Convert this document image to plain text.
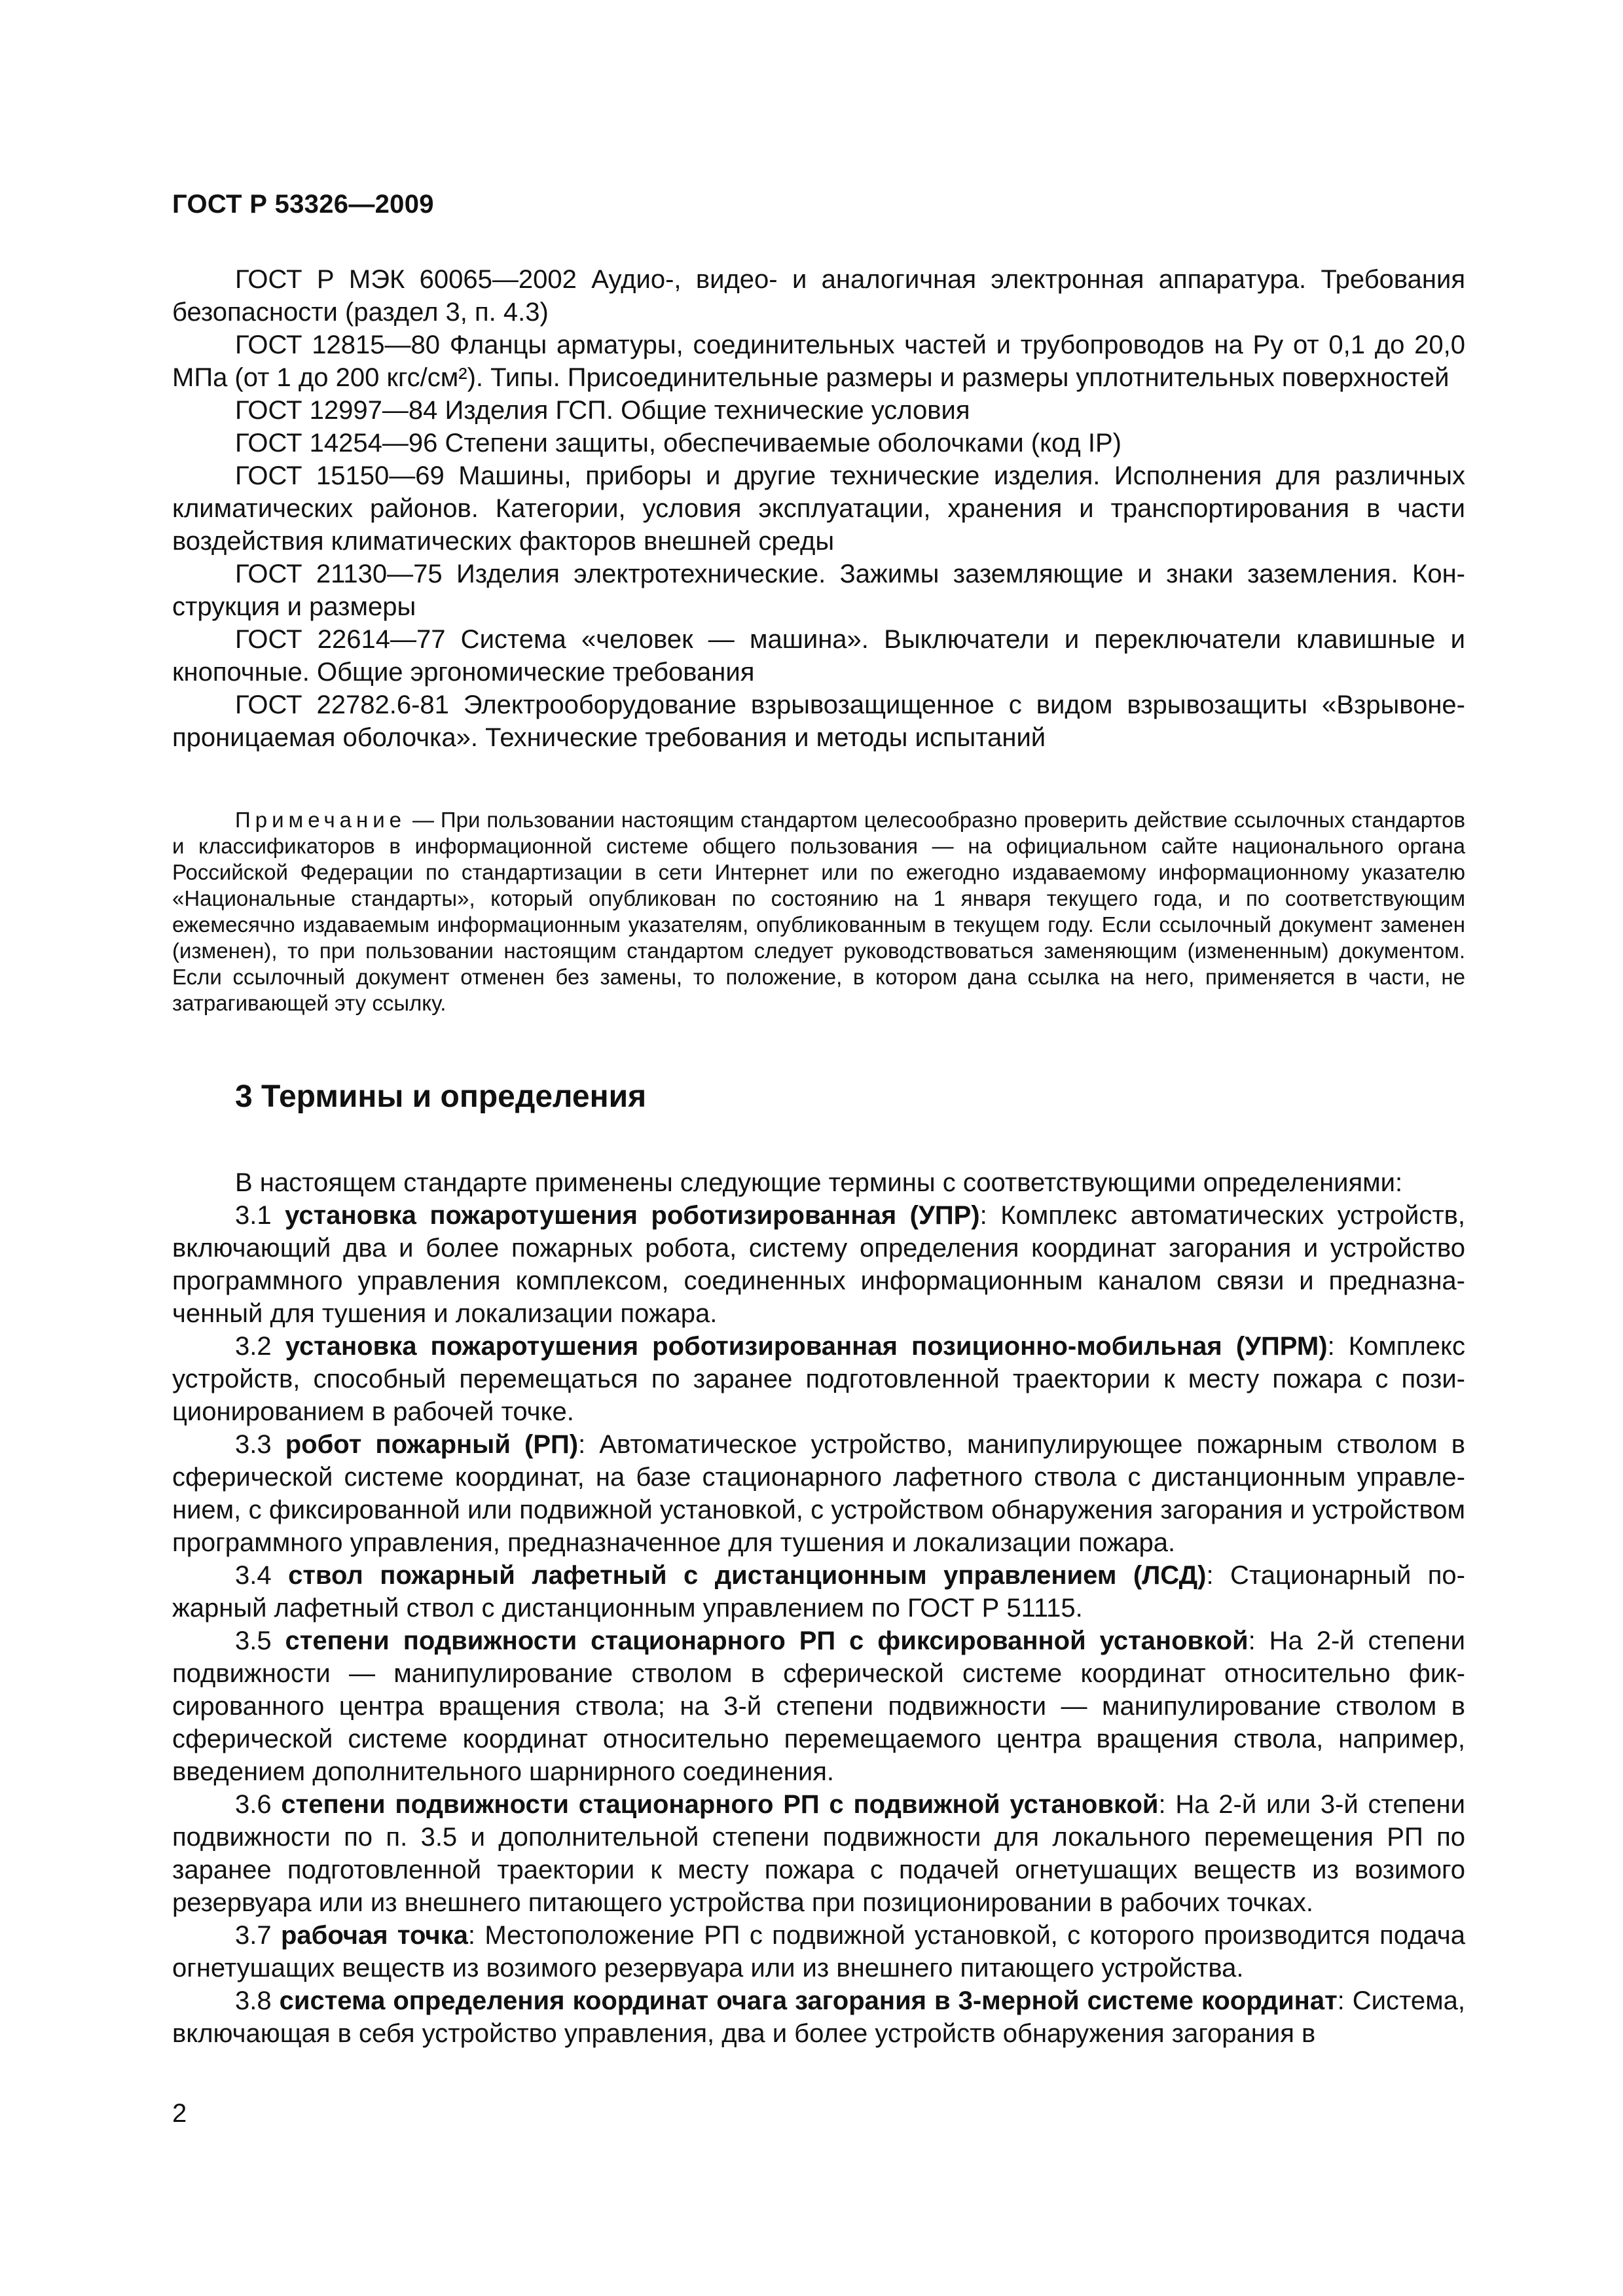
ГОСТ Р 53326—2009

ГОСТ Р МЭК 60065—2002 Аудио-, видео- и аналогичная электронная аппаратура. Требования безопасности (раздел 3, п. 4.3)

ГОСТ 12815—80 Фланцы арматуры, соединительных частей и трубопроводов на Pу от 0,1 до 20,0 МПа (от 1 до 200 кгс/см²). Типы. Присоединительные размеры и размеры уплотнительных поверхностей

ГОСТ 12997—84 Изделия ГСП. Общие технические условия

ГОСТ 14254—96 Степени защиты, обеспечиваемые оболочками (код IP)

ГОСТ 15150—69 Машины, приборы и другие технические изделия. Исполнения для различных климатических районов. Категории, условия эксплуатации, хранения и транспортирования в части воздействия климатических факторов внешней среды

ГОСТ 21130—75 Изделия электротехнические. Зажимы заземляющие и знаки заземления. Конструкция и размеры

ГОСТ 22614—77 Система «человек — машина». Выключатели и переключатели клавишные и кнопочные. Общие эргономические требования

ГОСТ 22782.6-81 Электрооборудование взрывозащищенное с видом взрывозащиты «Взрывонепроницаемая оболочка». Технические требования и методы испытаний

Примечание — При пользовании настоящим стандартом целесообразно проверить действие ссылочных стандартов и классификаторов в информационной системе общего пользования — на официальном сайте национального органа Российской Федерации по стандартизации в сети Интернет или по ежегодно издаваемому информационному указателю «Национальные стандарты», который опубликован по состоянию на 1 января текущего года, и по соответствующим ежемесячно издаваемым информационным указателям, опубликованным в текущем году. Если ссылочный документ заменен (изменен), то при пользовании настоящим стандартом следует руководствоваться заменяющим (измененным) документом. Если ссылочный документ отменен без замены, то положение, в котором дана ссылка на него, применяется в части, не затрагивающей эту ссылку.
3 Термины и определения

В настоящем стандарте применены следующие термины с соответствующими определениями:

3.1 установка пожаротушения роботизированная (УПР): Комплекс автоматических устройств, включающий два и более пожарных робота, систему определения координат загорания и устройство программного управления комплексом, соединенных информационным каналом связи и предназначенный для тушения и локализации пожара.

3.2 установка пожаротушения роботизированная позиционно-мобильная (УПРМ): Комплекс устройств, способный перемещаться по заранее подготовленной траектории к месту пожара с позиционированием в рабочей точке.

3.3 робот пожарный (РП): Автоматическое устройство, манипулирующее пожарным стволом в сферической системе координат, на базе стационарного лафетного ствола с дистанционным управлением, с фиксированной или подвижной установкой, с устройством обнаружения загорания и устройством программного управления, предназначенное для тушения и локализации пожара.

3.4 ствол пожарный лафетный с дистанционным управлением (ЛСД): Стационарный пожарный лафетный ствол с дистанционным управлением по ГОСТ Р 51115.

3.5 степени подвижности стационарного РП с фиксированной установкой: На 2-й степени подвижности — манипулирование стволом в сферической системе координат относительно фиксированного центра вращения ствола; на 3-й степени подвижности — манипулирование стволом в сферической системе координат относительно перемещаемого центра вращения ствола, например, введением дополнительного шарнирного соединения.

3.6 степени подвижности стационарного РП с подвижной установкой: На 2-й или 3-й степени подвижности по п. 3.5 и дополнительной степени подвижности для локального перемещения РП по заранее подготовленной траектории к месту пожара с подачей огнетушащих веществ из возимого резервуара или из внешнего питающего устройства при позиционировании в рабочих точках.

3.7 рабочая точка: Местоположение РП с подвижной установкой, с которого производится подача огнетушащих веществ из возимого резервуара или из внешнего питающего устройства.

3.8 система определения координат очага загорания в 3-мерной системе координат: Система, включающая в себя устройство управления, два и более устройств обнаружения загорания в

2
